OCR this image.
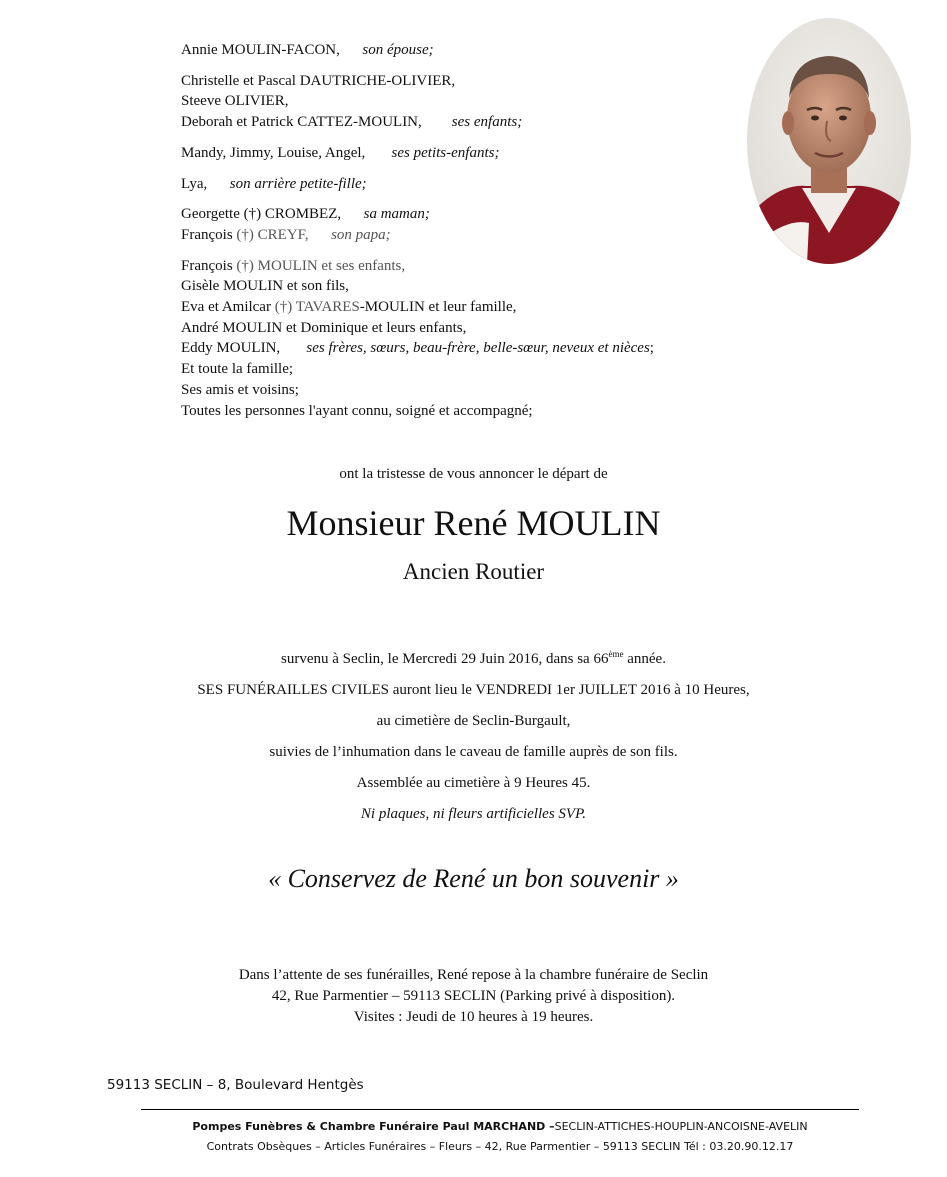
Annie MOULIN-FACON, son épouse;
Christelle et Pascal DAUTRICHE-OLIVIER,
Steeve OLIVIER,
Deborah et Patrick CATTEZ-MOULIN, ses enfants;
Mandy, Jimmy, Louise, Angel, ses petits-enfants;
Lya, son arrière petite-fille;
Georgette (†) CROMBEZ, sa maman;
François (†) CREYF, son papa;
François (†) MOULIN et ses enfants,
Gisèle MOULIN et son fils,
Eva et Amilcar (†) TAVARES-MOULIN et leur famille,
André MOULIN et Dominique et leurs enfants,
Eddy MOULIN, ses frères, sœurs, beau-frère, belle-sœur, neveux et nièces;
Et toute la famille;
Ses amis et voisins;
Toutes les personnes l'ayant connu, soigné et accompagné;
ont la tristesse de vous annoncer le départ de
Monsieur René MOULIN
Ancien Routier
survenu à Seclin, le Mercredi 29 Juin 2016, dans sa 66ème année.
SES FUNÉRAILLES CIVILES auront lieu le VENDREDI 1er JUILLET 2016 à 10 Heures,
au cimetière de Seclin-Burgault,
suivies de l’inhumation dans le caveau de famille auprès de son fils.
Assemblée au cimetière à 9 Heures 45.
Ni plaques, ni fleurs artificielles SVP.
« Conservez de René un bon souvenir »
Dans l’attente de ses funérailles, René repose à la chambre funéraire de Seclin
42, Rue Parmentier – 59113 SECLIN (Parking privé à disposition).
Visites : Jeudi de 10 heures à 19 heures.
59113 SECLIN – 8, Boulevard Hentgès
Pompes Funèbres & Chambre Funéraire Paul MARCHAND –SECLIN-ATTICHES-HOUPLIN-ANCOISNE-AVELIN
Contrats Obsèques – Articles Funéraires – Fleurs – 42, Rue Parmentier – 59113 SECLIN Tél : 03.20.90.12.17
